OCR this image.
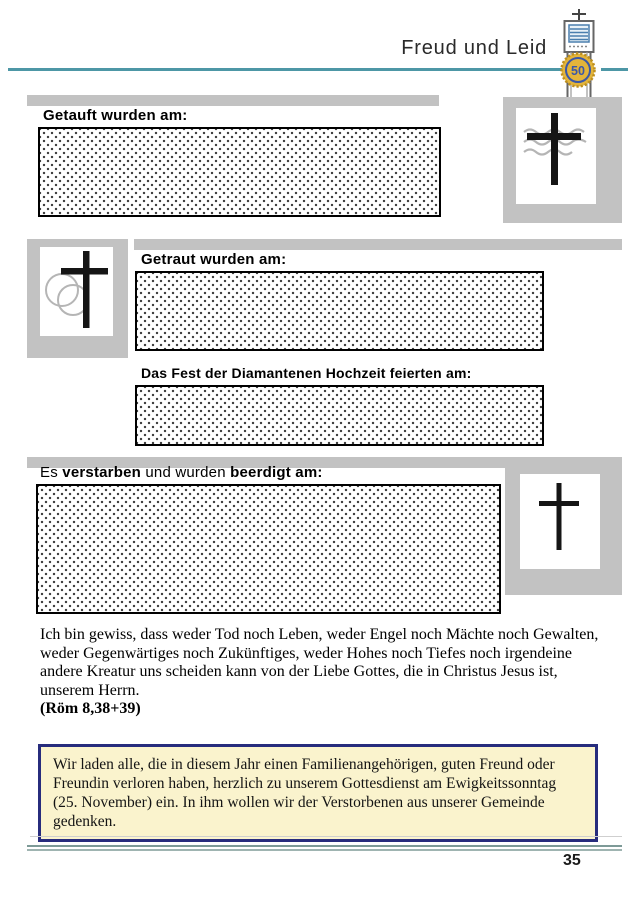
Freud und Leid
50
Getauft wurden am:
Getraut wurden am:
Das Fest der Diamantenen Hochzeit feierten am:
Es verstarben und wurden beerdigt am:
Ich bin gewiss, dass weder Tod noch Leben, weder Engel noch Mächte noch Gewalten, weder Gegenwärtiges noch Zukünftiges, weder Hohes noch Tiefes noch irgendeine andere Kreatur uns scheiden kann von der Liebe Gottes, die in Christus Jesus ist, unserem Herrn.
(Röm 8,38+39)
Wir laden alle, die in diesem Jahr einen Familienangehörigen, guten Freund oder Freundin verloren haben, herzlich zu unserem Gottesdienst am Ewigkeitssonntag (25. November) ein. In ihm wollen wir der Verstorbenen aus unserer Gemeinde gedenken.
35
